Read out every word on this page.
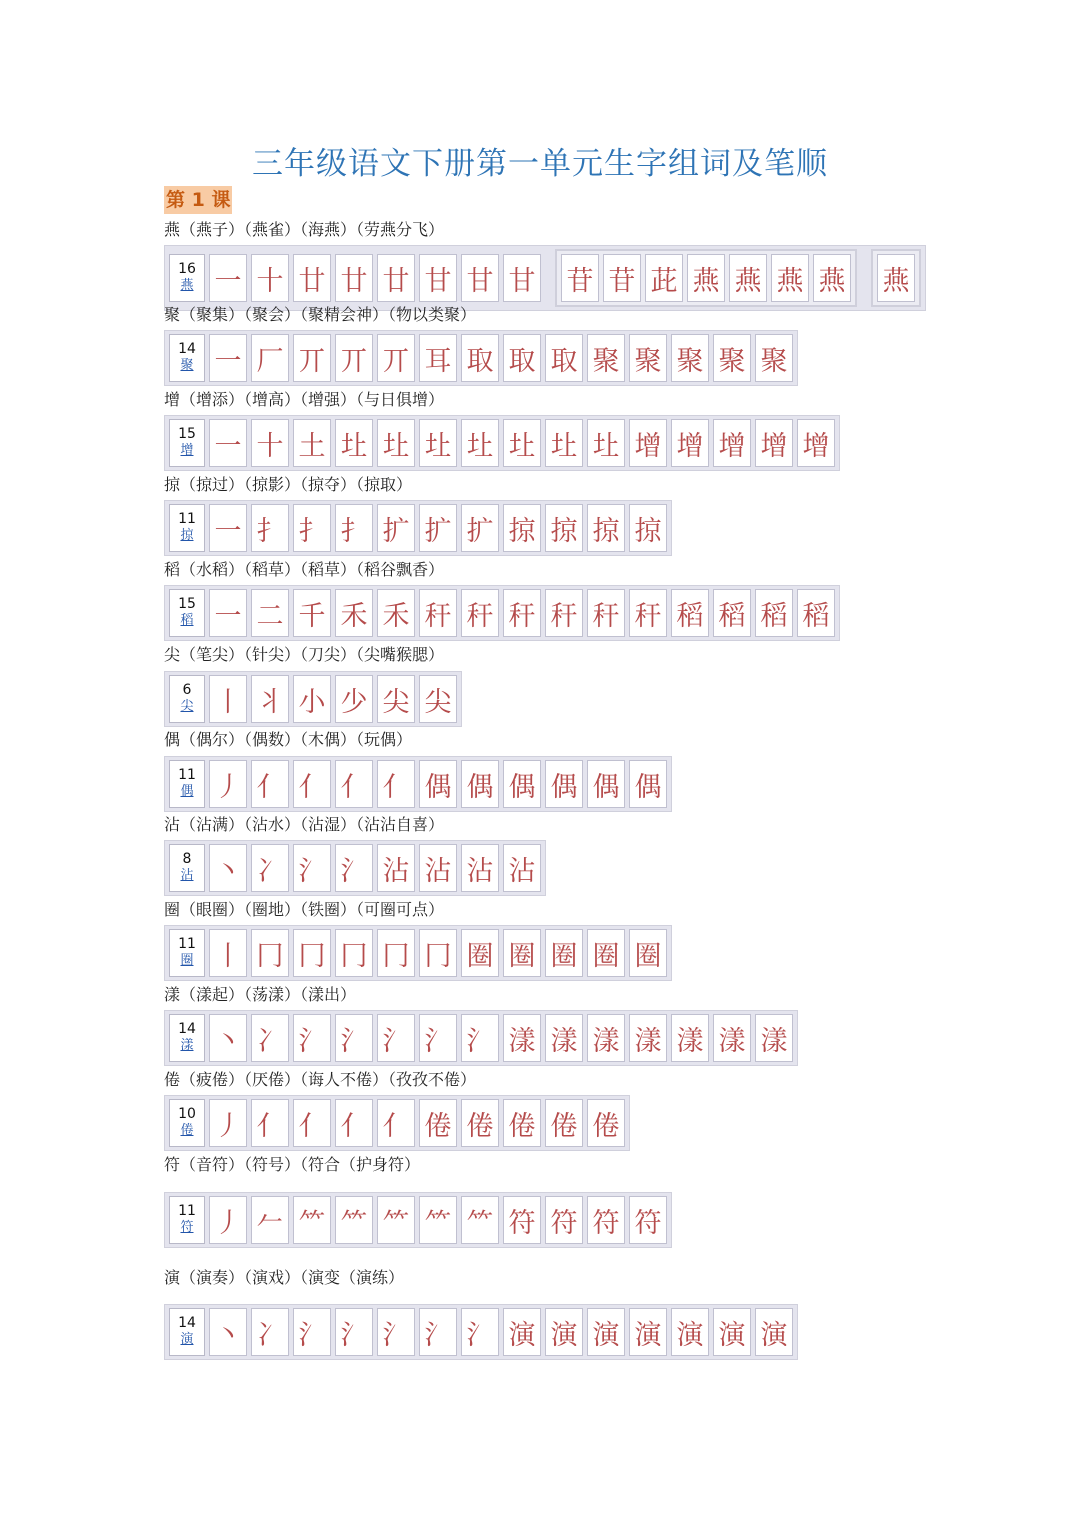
三年级语文下册第一单元生字组词及笔顺
第 1 课
燕（燕子）（燕雀）（海燕）（劳燕分飞）
16
燕 一 十 廿 廿 廿 甘 甘 甘 苷 苷 茈 燕 燕 燕 燕 燕
聚（聚集）（聚会）（聚精会神）（物以类聚）
14
聚 一 厂 丌 丌 丌 耳 取 取 取 聚 聚 聚 聚 聚
增（增添）（增高）（增强）（与日俱增）
15
增 一 十 土 圵 圵 圵 圵 圵 圵 圵 增 增 增 增 增
掠（掠过）（掠影）（掠夺）（掠取）
11
掠 一 扌 扌 扌 扩 扩 扩 掠 掠 掠 掠
稻（水稻）（稻草）（稻草）（稻谷飘香）
15
稻 一 二 千 禾 禾 秆 秆 秆 秆 秆 秆 稻 稻 稻 稻
尖（笔尖）（针尖）（刀尖）（尖嘴猴腮）
6
尖 丨 丬 小 少 尖 尖
偶（偶尔）（偶数）（木偶）（玩偶）
11
偶 丿 亻 亻 亻 亻 偶 偶 偶 偶 偶 偶
沾（沾满）（沾水）（沾湿）（沾沾自喜）
8
沾 丶 冫 氵 氵 沾 沾 沾 沾
圈（眼圈）（圈地）（铁圈）（可圈可点）
11
圈 丨 冂 冂 冂 冂 冂 圈 圈 圈 圈 圈
漾（漾起）（荡漾）（漾出）
14
漾 丶 冫 氵 氵 氵 氵 氵 漾 漾 漾 漾 漾 漾 漾
倦（疲倦）（厌倦）（诲人不倦）（孜孜不倦）
10
倦 丿 亻 亻 亻 亻 倦 倦 倦 倦 倦
符（音符）（符号）（符合（护身符）
11
符 丿 𠂉 ⺮ ⺮ ⺮ ⺮ ⺮ 符 符 符 符
演（演奏）（演戏）（演变（演练）
14
演 丶 冫 氵 氵 氵 氵 氵 演 演 演 演 演 演 演
